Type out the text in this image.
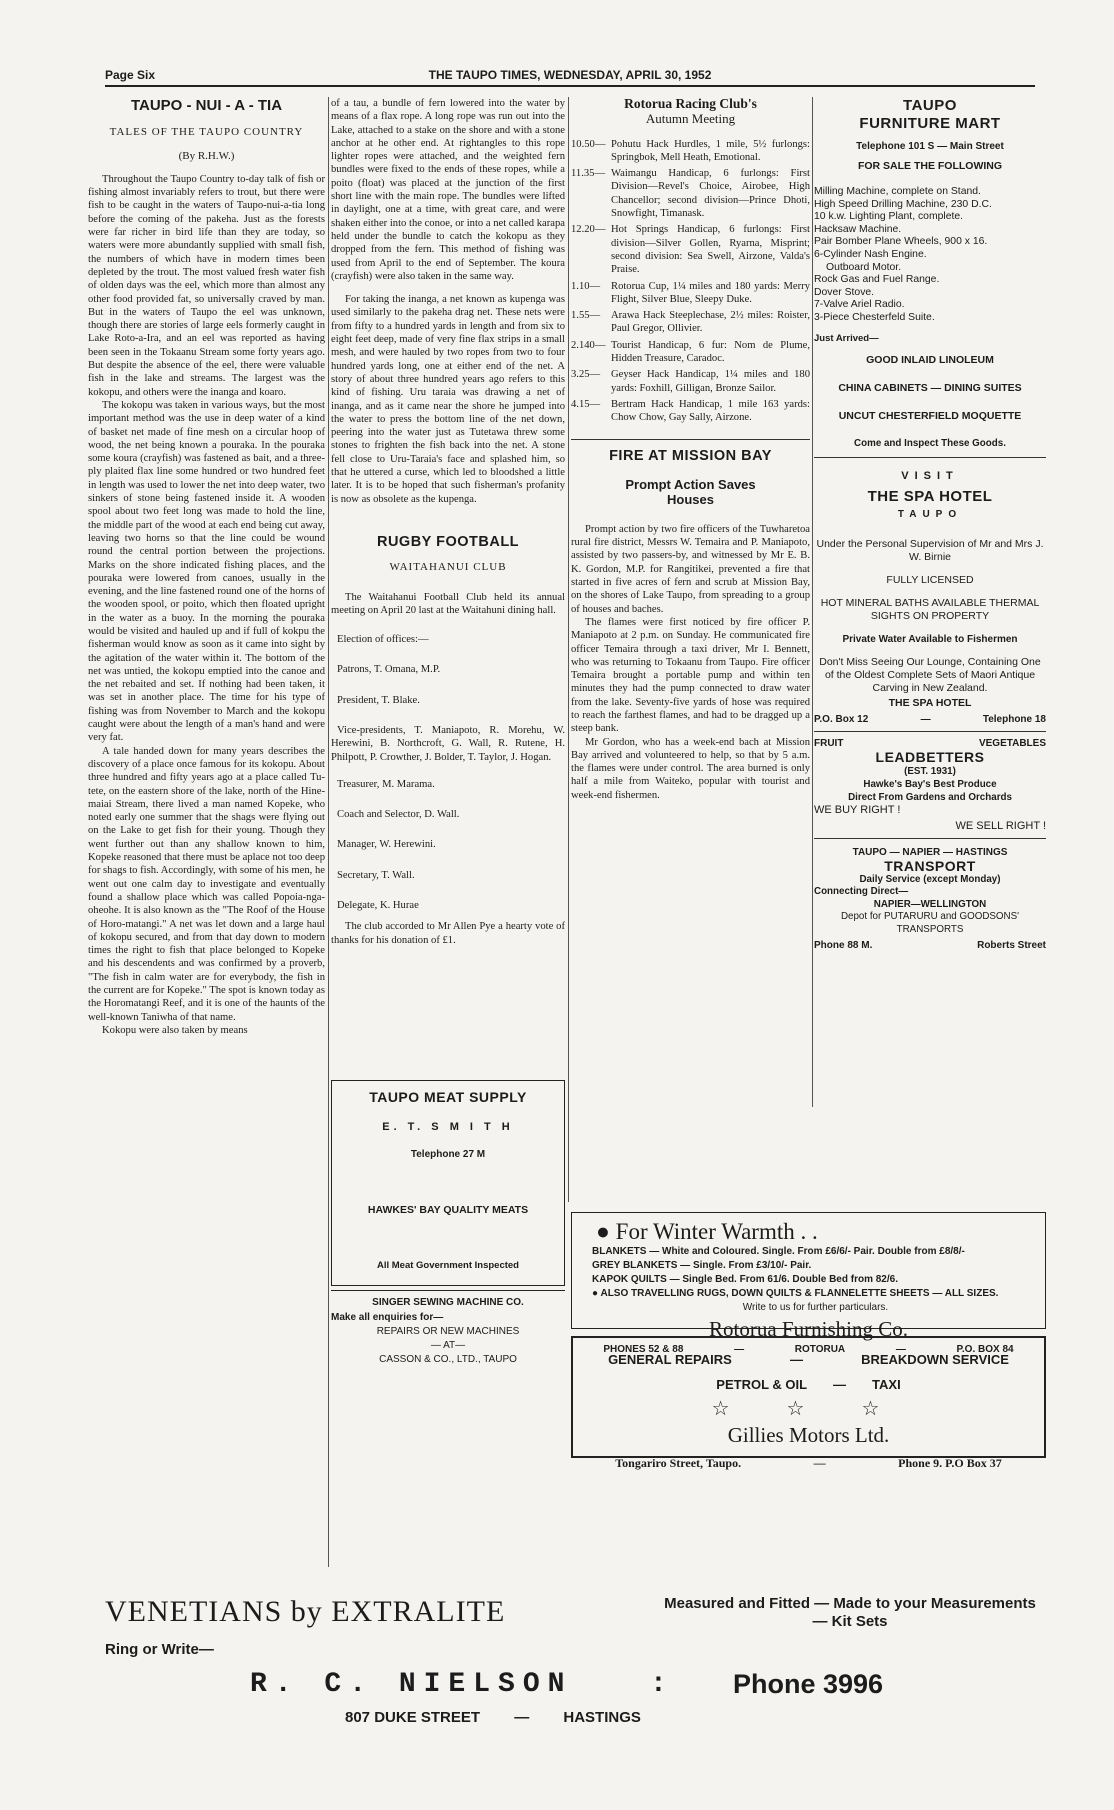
Page Six	THE TAUPO TIMES, WEDNESDAY, APRIL 30, 1952
TAUPO - NUI - A - TIA
TALES OF THE TAUPO COUNTRY
(By R.H.W.)

Throughout the Taupo Country to-day talk of fish or fishing almost invariably refers to trout, but there were fish to be caught in the waters of Taupo-nui-a-tia long before the coming of the pakeha. Just as the forests were far richer in bird life than they are today, so waters were more abundantly supplied with small fish, the numbers of which have in modern times been depleted by the trout. The most valued fresh water fish of olden days was the eel, which more than almost any other food provided fat, so universally craved by man. But in the waters of Taupo the eel was unknown, though there are stories of large eels formerly caught in Lake Roto-a-Ira, and an eel was reported as having been seen in the Tokaanu Stream some forty years ago. But despite the absence of the eel, there were valuable fish in the lake and streams. The largest was the kokopu, and others were the inanga and koaro.

The kokopu was taken in various ways, but the most important method was the use in deep water of a kind of basket net made of fine mesh on a circular hoop of wood, the net being known a pouraka. In the pouraka some koura (crayfish) was fastened as bait, and a three-ply plaited flax line some hundred or two hundred feet in length was used to lower the net into deep water, two sinkers of stone being fastened inside it. A wooden spool about two feet long was made to hold the line, the middle part of the wood at each end being cut away, leaving two horns so that the line could be wound round the central portion between the projections. Marks on the shore indicated fishing places, and the pouraka were lowered from canoes, usually in the evening, and the line fastened round one of the horns of the wooden spool, or poito, which then floated upright in the water as a buoy. In the morning the pouraka would be visited and hauled up and if full of kokpu the fisherman would know as soon as it came into sight by the agitation of the water within it. The bottom of the net was untied, the kokopu emptied into the canoe and the net rebaited and set. If nothing had been taken, it was set in another place. The time for his type of fishing was from November to March and the kokopu caught were about the length of a man's hand and were very fat.

A tale handed down for many years describes the discovery of a place once famous for its kokopu. About three hundred and fifty years ago at a place called Tu-tete, on the eastern shore of the lake, north of the Hine-maiai Stream, there lived a man named Kopeke, who noted early one summer that the shags were flying out on the Lake to get fish for their young. Though they went further out than any shallow known to him, Kopeke reasoned that there must be aplace not too deep for shags to fish. Accordingly, with some of his men, he went out one calm day to investigate and eventually found a shallow place which was called Popoia-nga-oheohe. It is also known as the "The Roof of the House of Horo-matangi." A net was let down and a large haul of kokopu secured, and from that day down to modern times the right to fish that place belonged to Kopeke and his descendents and was confirmed by a proverb, "The fish in calm water are for everybody, the fish in the current are for Kopeke." The spot is known today as the Horomatangi Reef, and it is one of the haunts of the well-known Taniwha of that name.

Kokopu were also taken by means

of a tau, a bundle of fern lowered into the water by means of a flax rope. A long rope was run out into the Lake, attached to a stake on the shore and with a stone anchor at he other end. At rightangles to this rope lighter ropes were attached, and the weighted fern bundles were fixed to the ends of these ropes, while a poito (float) was placed at the junction of the first short line with the main rope. The bundles were lifted in daylight, one at a time, with great care, and were shaken either into the conoe, or into a net called karapa held under the bundle to catch the kokopu as they dropped from the fern. This method of fishing was used from April to the end of September. The koura (crayfish) were also taken in the same way.

For taking the inanga, a net known as kupenga was used similarly to the pakeha drag net. These nets were from fifty to a hundred yards in length and from six to eight feet deep, made of very fine flax strips in a small mesh, and were hauled by two ropes from two to four hundred yards long, one at either end of the net. A story of about three hundred years ago refers to this kind of fishing. Uru taraia was drawing a net of inanga, and as it came near the shore he jumped into the water to press the bottom line of the net down, peering into the water just as Tutetawa threw some stones to frighten the fish back into the net. A stone fell close to Uru-Taraia's face and splashed him, so that he uttered a curse, which led to bloodshed a little later. It is to be hoped that such fisherman's profanity is now as obsolete as the kupenga.

RUGBY FOOTBALL
WAITAHANUI CLUB

The Waitahanui Football Club held its annual meeting on April 20 last at the Waitahuni dining hall.

Election of offices:—

Patrons, T. Omana, M.P.

President, T. Blake.

Vice-presidents, T. Maniapoto, R. Morehu, W. Herewini, B. Northcroft, G. Wall, R. Rutene, H. Philpott, P. Crowther, J. Bolder, T. Taylor, J. Hogan.

Treasurer, M. Marama.

Coach and Selector, D. Wall.

Manager, W. Herewini.

Secretary, T. Wall.

Delegate, K. Hurae

The club accorded to Mr Allen Pye a hearty vote of thanks for his donation of £1.

TAUPO MEAT SUPPLY
E. T. S M I T H
Telephone 27 M
HAWKES' BAY QUALITY MEATS
All Meat Government Inspected
SINGER SEWING MACHINE CO.
Make all enquiries for—
REPAIRS OR NEW MACHINES
— AT—
CASSON & CO., LTD., TAUPO
Rotorua Racing Club's
Autumn Meeting
10.50— Pohutu Hack Hurdles, 1 mile, 5½ furlongs: Springbok, Mell Heath, Emotional.
11.35— Waimangu Handicap, 6 furlongs: First Division—Revel's Choice, Airobee, High Chancellor; second division—Prince Dhoti, Snowfight, Timanask.
12.20— Hot Springs Handicap, 6 furlongs: First division—Silver Gollen, Ryarna, Misprint; second division: Sea Swell, Airzone, Valda's Praise.
1.10—	Rotorua Cup, 1¼ miles and 180 yards: Merry Flight, Silver Blue, Sleepy Duke.
1.55—	Arawa Hack Steeplechase, 2½ miles: Roister, Paul Gregor, Ollivier.
2.140— Tourist Handicap, 6 fur: Nom de Plume, Hidden Treasure, Caradoc.
3.25—	Geyser Hack Handicap, 1¼ miles and 180 yards: Foxhill, Gilligan, Bronze Sailor.
4.15—	Bertram Hack Handicap, 1 mile 163 yards: Chow Chow, Gay Sally, Airzone.
FIRE AT MISSION BAY
Prompt Action Saves Houses

Prompt action by two fire officers of the Tuwharetoa rural fire district, Messrs W. Temaira and P. Maniapoto, assisted by two passers-by, and witnessed by Mr E. B. K. Gordon, M.P. for Rangitikei, prevented a fire that started in five acres of fern and scrub at Mission Bay, on the shores of Lake Taupo, from spreading to a group of houses and baches.

The flames were first noticed by fire officer P. Maniapoto at 2 p.m. on Sunday. He communicated fire officer Temaira through a taxi driver, Mr I. Bennett, who was returning to Tokaanu from Taupo. Fire officer Temaira brought a portable pump and within ten minutes they had the pump connected to draw water from the lake. Seventy-five yards of hose was required to reach the farthest flames, and had to be dragged up a steep bank.

Mr Gordon, who has a week-end bach at Mission Bay arrived and volunteered to help, so that by 5 a.m. the flames were under control. The area burned is only half a mile from Waiteko, popular with tourist and week-end fishermen.

TAUPO
FURNITURE MART
Telephone 101 S — Main Street
FOR SALE THE FOLLOWING
Milling Machine, complete on Stand.
High Speed Drilling Machine, 230 D.C.
10 k.w. Lighting Plant, complete.
Hacksaw Machine.
Pair Bomber Plane Wheels, 900 x 16.
6-Cylinder Nash Engine.
Outboard Motor.
Rock Gas and Fuel Range.
Dover Stove.
7-Valve Ariel Radio.
3-Piece Chesterfeld Suite.
Just Arrived—
GOOD INLAID LINOLEUM
CHINA CABINETS — DINING SUITES
UNCUT CHESTERFIELD MOQUETTE
Come and Inspect These Goods.
VISIT
THE SPA HOTEL
TAUPO
Under the Personal Supervision of Mr and Mrs J. W. Birnie
FULLY LICENSED
HOT MINERAL BATHS AVAILABLE THERMAL SIGHTS ON PROPERTY
Private Water Available to Fishermen
Don't Miss Seeing Our Lounge, Containing One of the Oldest Complete Sets of Maori Antique Carving in New Zealand.
THE SPA HOTEL
P.O. Box 12	—	Telephone 18
FRUIT	VEGETABLES
LEADBETTERS
(EST. 1931)
Hawke's Bay's Best Produce
Direct From Gardens and Orchards
WE BUY RIGHT !
WE SELL RIGHT !
TAUPO — NAPIER — HASTINGS
TRANSPORT
Daily Service (except Monday)
Connecting Direct—
NAPIER—WELLINGTON
Depot for PUTARURU and GOODSONS' TRANSPORTS
Phone 88 M.	Roberts Street
● For Winter Warmth . .
BLANKETS — White and Coloured. Single. From £6/6/- Pair. Double from £8/8/-
GREY BLANKETS — Single. From £3/10/- Pair.
KAPOK QUILTS — Single Bed. From 61/6. Double Bed from 82/6.
● ALSO TRAVELLING RUGS, DOWN QUILTS & FLANNELETTE SHEETS — ALL SIZES.
Write to us for further particulars.
Rotorua Furnishing Co.
PHONES 52 & 88	—	ROTORUA	—	P.O. BOX 84
GENERAL REPAIRS	—	BREAKDOWN SERVICE
PETROL & OIL — TAXI
☆ ☆ ☆
Gillies Motors Ltd.
Tongariro Street, Taupo.	—	Phone 9. P.O Box 37
VENETIANS by EXTRALITE	Measured and Fitted — Made to your Measurements — Kit Sets
Ring or Write—
R. C. NIELSON	: Phone 3996
807 DUKE STREET — HASTINGS
